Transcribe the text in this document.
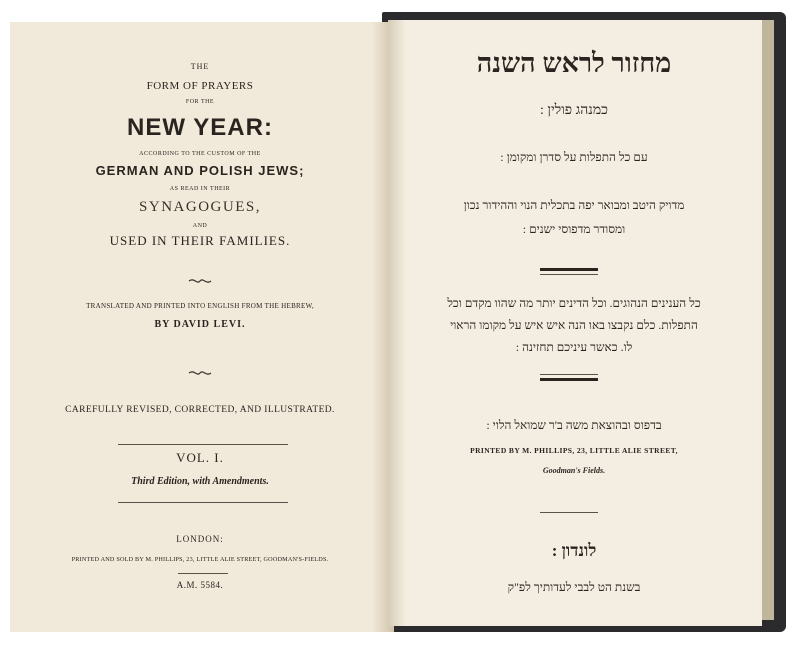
THE
FORM OF PRAYERS
FOR THE
NEW YEAR:
ACCORDING TO THE CUSTOM OF THE
GERMAN AND POLISH JEWS;
AS READ IN THEIR
SYNAGOGUES,
AND
USED IN THEIR FAMILIES.
TRANSLATED AND PRINTED INTO ENGLISH FROM THE HEBREW,
BY DAVID LEVI.
CAREFULLY REVISED, CORRECTED, AND ILLUSTRATED.
VOL. I.
Third Edition, with Amendments.
LONDON:
PRINTED AND SOLD BY M. PHILLIPS, 23, LITTLE ALIE STREET, GOODMAN'S-FIELDS.
A.M. 5584.
מחזור לראש השנה
כמנהג פולין :
עם כל התפלות על סדרן ומקומן :
מדויק היטב ומבואר יפה בתכלית הנוי וההידור נכון
ומסודר מדפוסי ישנים :
כל הענינים הנהוגים. וכל הדינים יותר מה שהוו מקדם וכל
התפלות. כלם נקבצו באו הנה איש איש על מקומו הראוי
לו. כאשר עיניכם תחזינה :
בדפוס ובהוצאת משה ב'ר שמואל הלוי :
PRINTED BY M. PHILLIPS, 23, LITTLE ALIE STREET,
Goodman's Fields.
לונדון :
בשנת הט לבבי לעדותיך לפ"ק
